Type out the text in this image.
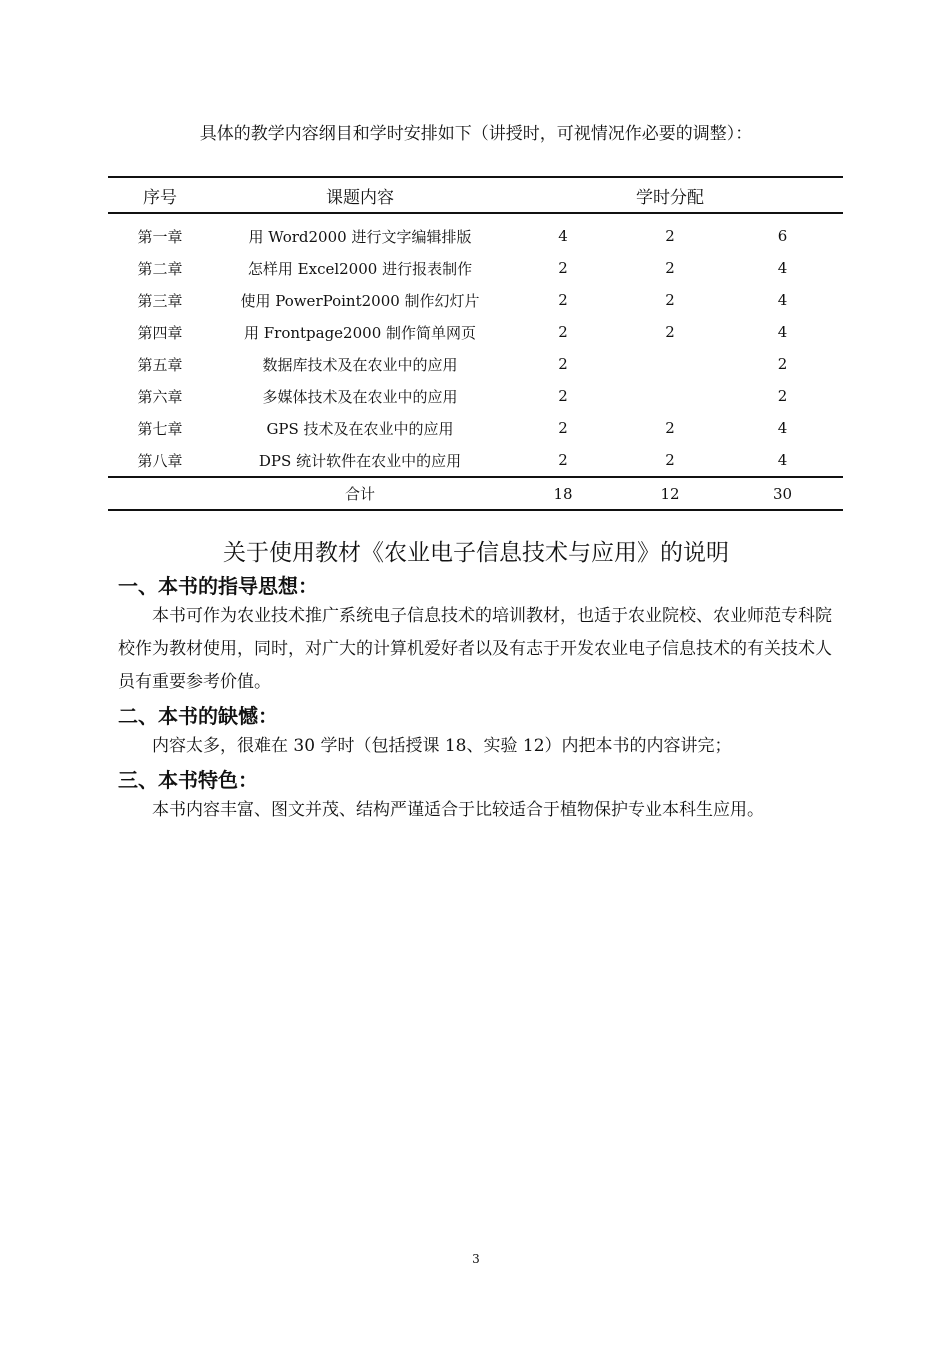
具体的教学内容纲目和学时安排如下（讲授时，可视情况作必要的调整）：
序号	课题内容		学时分配	
第一章	用 Word2000 进行文字编辑排版	4	2	6
第二章	怎样用 Excel2000 进行报表制作	2	2	4
第三章	使用 PowerPoint2000 制作幻灯片	2	2	4
第四章	用 Frontpage2000 制作简单网页	2	2	4
第五章	数据库技术及在农业中的应用	2		2
第六章	多媒体技术及在农业中的应用	2		2
第七章	GPS 技术及在农业中的应用	2	2	4
第八章	DPS 统计软件在农业中的应用	2	2	4
	合计	18	12	30
关于使用教材《农业电子信息技术与应用》的说明
一、本书的指导思想：

本书可作为农业技术推广系统电子信息技术的培训教材，也适于农业院校、农业师范专科院校作为教材使用，同时，对广大的计算机爱好者以及有志于开发农业电子信息技术的有关技术人员有重要参考价值。

二、本书的缺憾：

内容太多，很难在 30 学时（包括授课 18、实验 12）内把本书的内容讲完；

三、本书特色：

本书内容丰富、图文并茂、结构严谨适合于比较适合于植物保护专业本科生应用。

3
